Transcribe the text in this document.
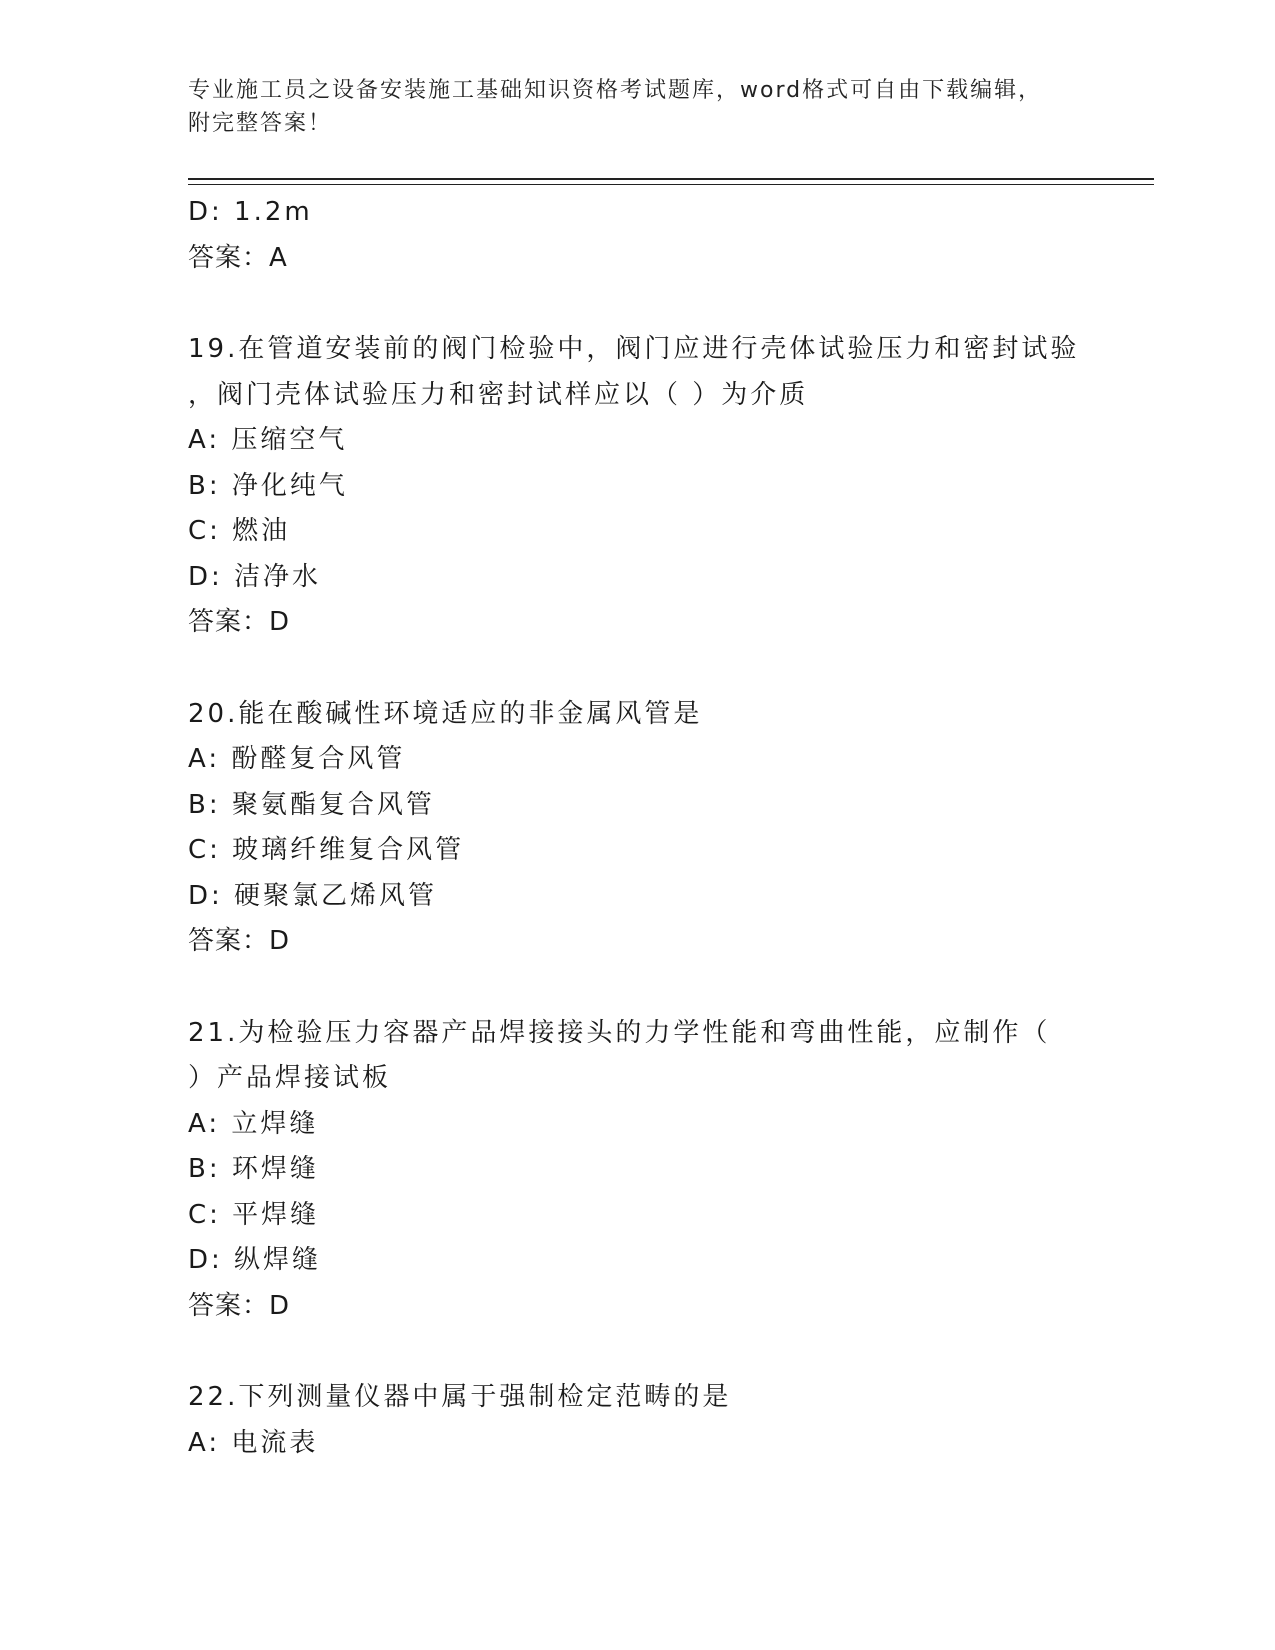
专业施工员之设备安装施工基础知识资格考试题库，word格式可自由下载编辑，
附完整答案！
D: 1.2m
答案：A
19.在管道安装前的阀门检验中，阀门应进行壳体试验压力和密封试验
，阀门壳体试验压力和密封试样应以（ ）为介质
A: 压缩空气
B: 净化纯气
C: 燃油
D: 洁净水
答案：D
20.能在酸碱性环境适应的非金属风管是
A: 酚醛复合风管
B: 聚氨酯复合风管
C: 玻璃纤维复合风管
D: 硬聚氯乙烯风管
答案：D
21.为检验压力容器产品焊接接头的力学性能和弯曲性能，应制作（
）产品焊接试板
A: 立焊缝
B: 环焊缝
C: 平焊缝
D: 纵焊缝
答案：D
22.下列测量仪器中属于强制检定范畴的是
A: 电流表
